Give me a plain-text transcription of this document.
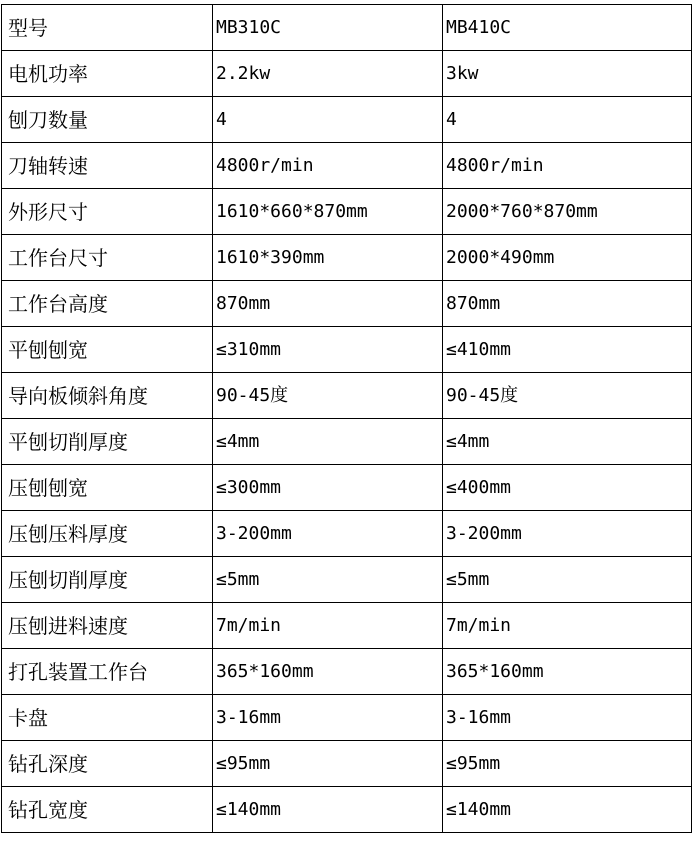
型号	MB310C	MB410C
电机功率	2.2kw	3kw
刨刀数量	4	4
刀轴转速	4800r/min	4800r/min
外形尺寸	1610*660*870mm	2000*760*870mm
工作台尺寸	1610*390mm	2000*490mm
工作台高度	870mm	870mm
平刨刨宽	≤310mm	≤410mm
导向板倾斜角度	90-45度	90-45度
平刨切削厚度	≤4mm	≤4mm
压刨刨宽	≤300mm	≤400mm
压刨压料厚度	3-200mm	3-200mm
压刨切削厚度	≤5mm	≤5mm
压刨进料速度	7m/min	7m/min
打孔装置工作台	365*160mm	365*160mm
卡盘	3-16mm	3-16mm
钻孔深度	≤95mm	≤95mm
钻孔宽度	≤140mm	≤140mm
